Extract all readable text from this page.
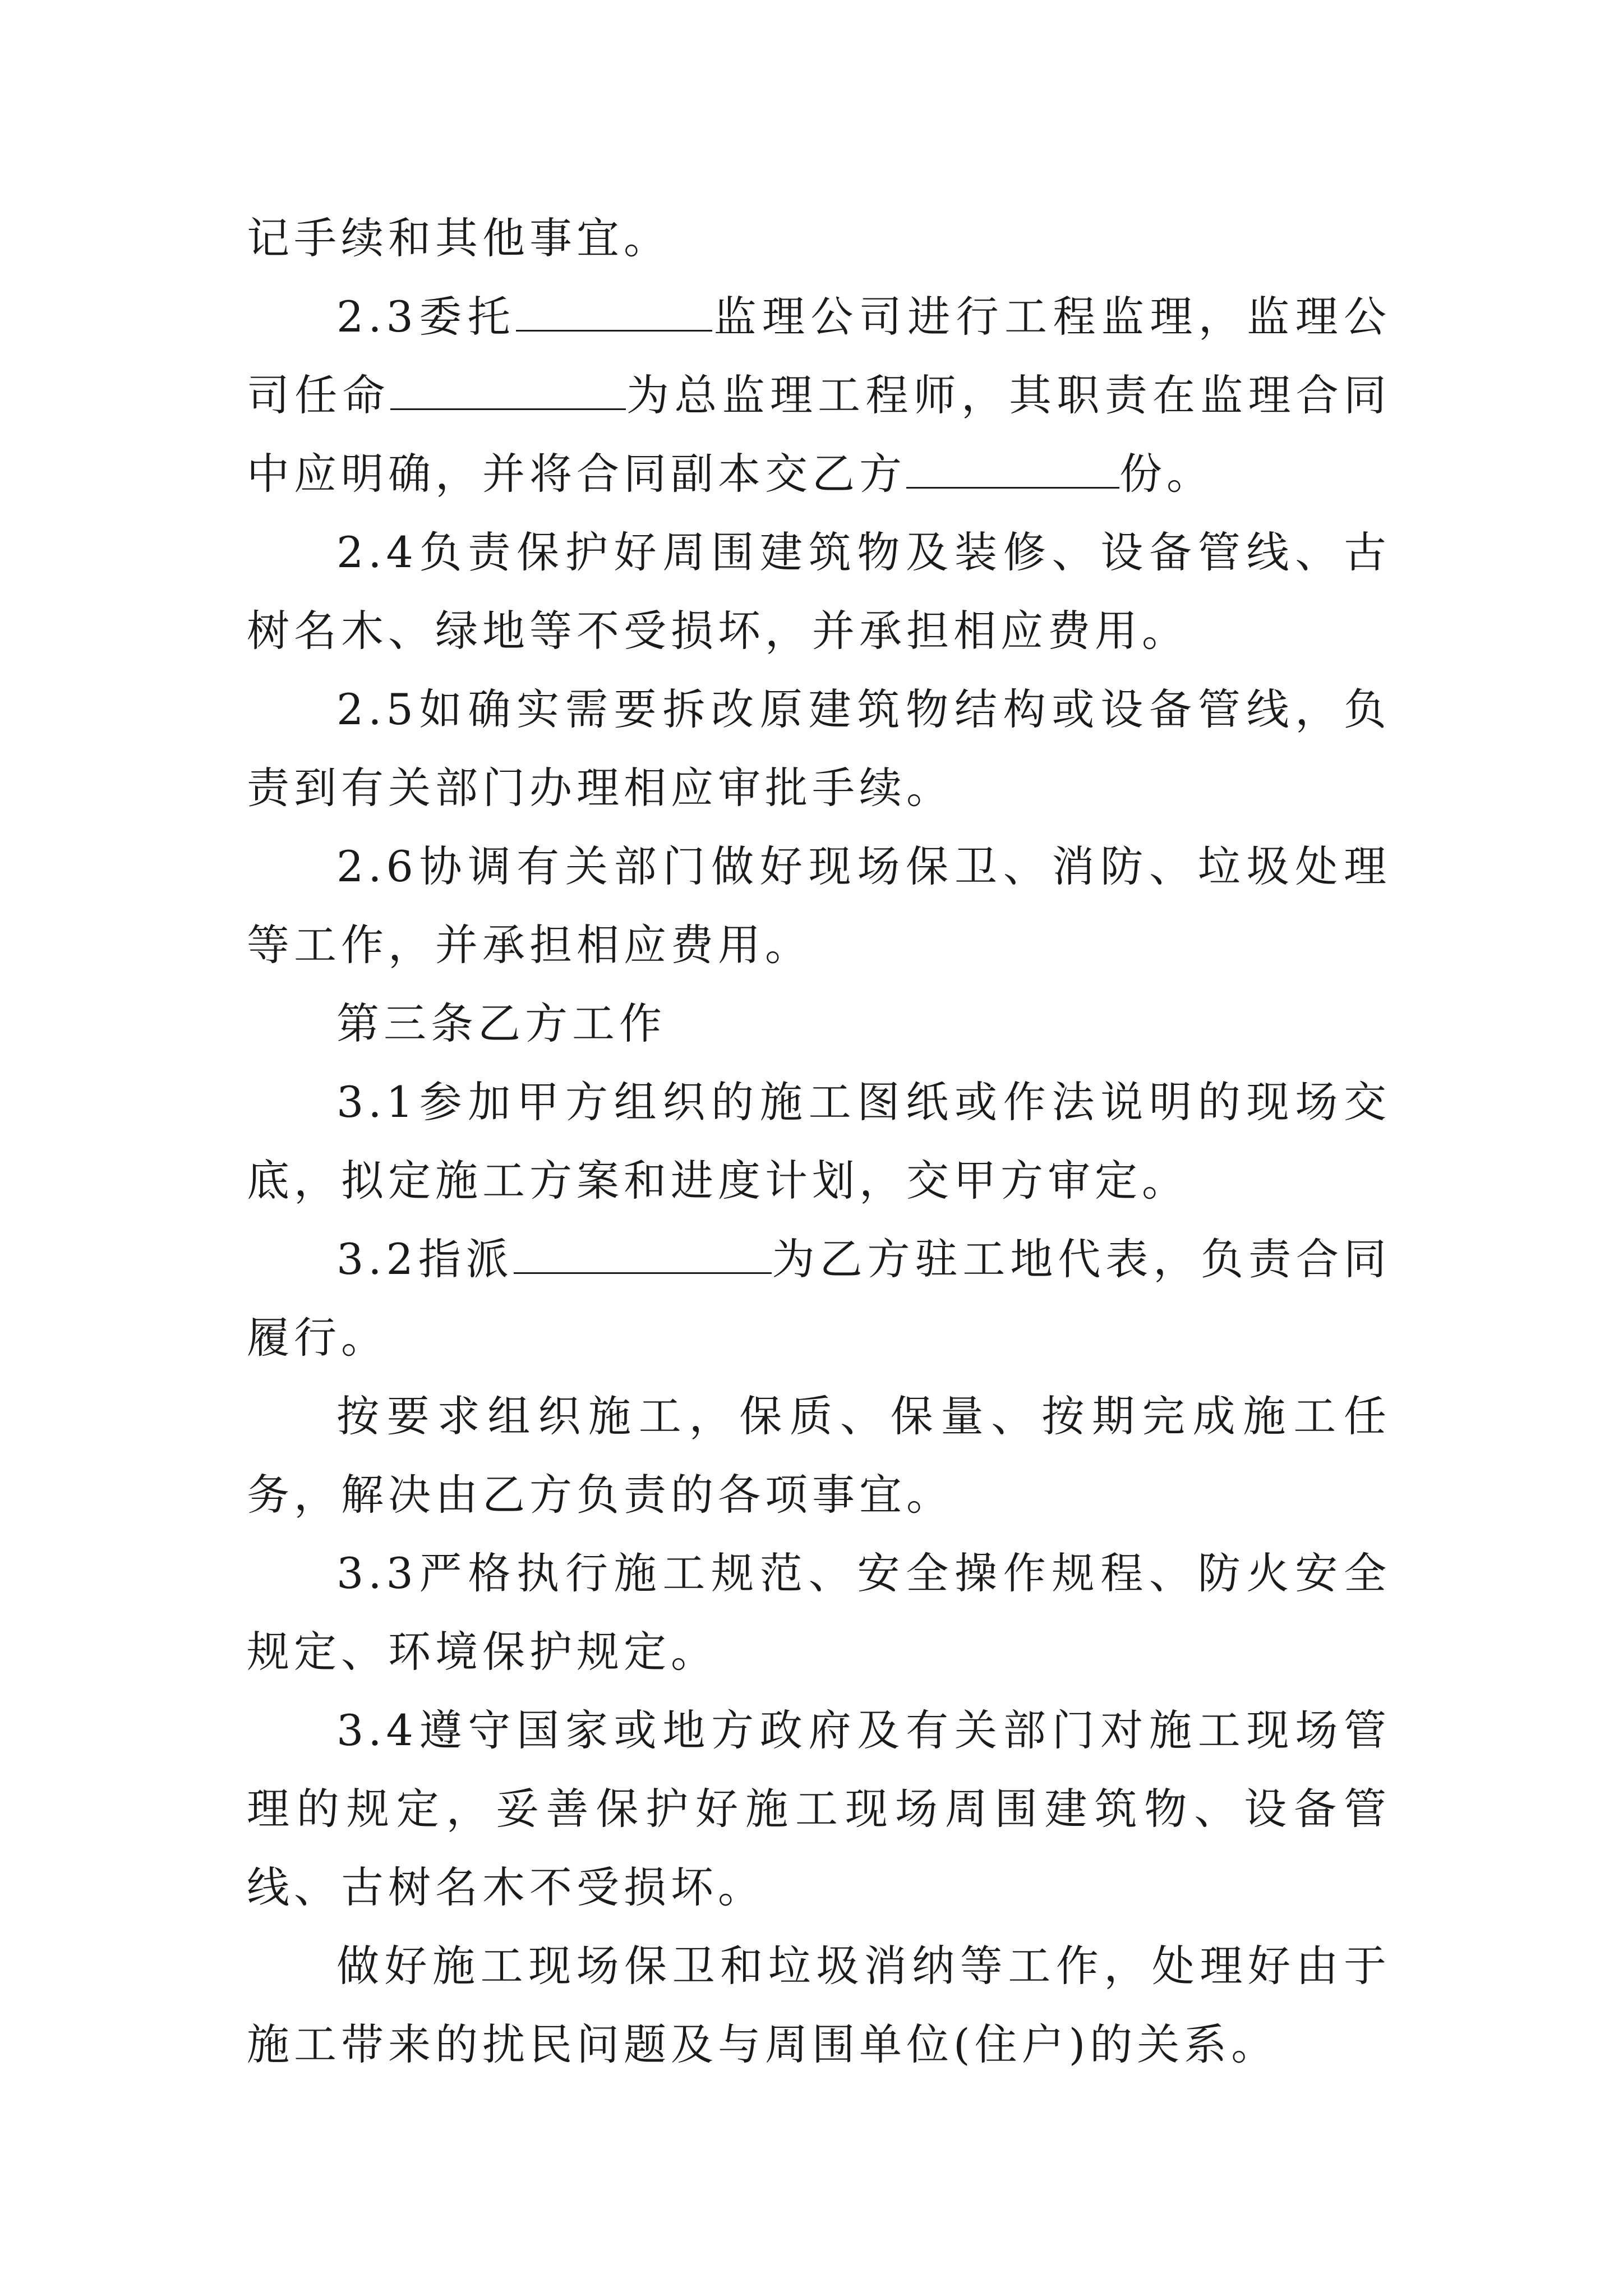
记手续和其他事宜。

2.3委托	监理公司进行工程监理，监理公司任命	为总监理工程师，其职责在监理合同中应明确，并将合同副本交乙方	份。

2.4负责保护好周围建筑物及装修、设备管线、古树名木、绿地等不受损坏，并承担相应费用。

2.5如确实需要拆改原建筑物结构或设备管线，负责到有关部门办理相应审批手续。

2.6协调有关部门做好现场保卫、消防、垃圾处理等工作，并承担相应费用。

第三条乙方工作

3.1参加甲方组织的施工图纸或作法说明的现场交底，拟定施工方案和进度计划，交甲方审定。

3.2指派	为乙方驻工地代表，负责合同履行。

按要求组织施工，保质、保量、按期完成施工任务，解决由乙方负责的各项事宜。

3.3严格执行施工规范、安全操作规程、防火安全规定、环境保护规定。

3.4遵守国家或地方政府及有关部门对施工现场管理的规定，妥善保护好施工现场周围建筑物、设备管线、古树名木不受损坏。

做好施工现场保卫和垃圾消纳等工作，处理好由于施工带来的扰民问题及与周围单位(住户)的关系。
